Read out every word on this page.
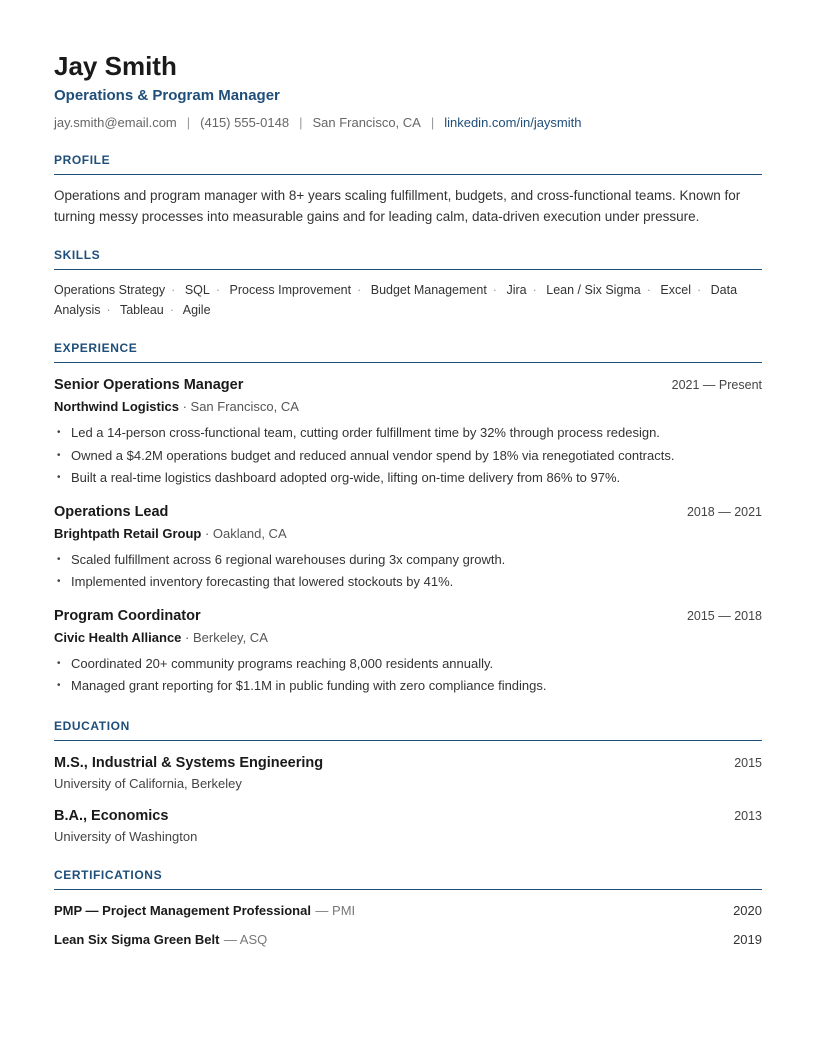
Jay Smith
Operations & Program Manager
jay.smith@email.com | (415) 555-0148 | San Francisco, CA | linkedin.com/in/jaysmith
PROFILE
Operations and program manager with 8+ years scaling fulfillment, budgets, and cross-functional teams. Known for turning messy processes into measurable gains and for leading calm, data-driven execution under pressure.
SKILLS
Operations Strategy · SQL · Process Improvement · Budget Management · Jira · Lean / Six Sigma · Excel · Data Analysis · Tableau · Agile
EXPERIENCE
Senior Operations Manager	2021 — Present
Northwind Logistics · San Francisco, CA
• Led a 14-person cross-functional team, cutting order fulfillment time by 32% through process redesign.
• Owned a $4.2M operations budget and reduced annual vendor spend by 18% via renegotiated contracts.
• Built a real-time logistics dashboard adopted org-wide, lifting on-time delivery from 86% to 97%.
Operations Lead	2018 — 2021
Brightpath Retail Group · Oakland, CA
• Scaled fulfillment across 6 regional warehouses during 3x company growth.
• Implemented inventory forecasting that lowered stockouts by 41%.
Program Coordinator	2015 — 2018
Civic Health Alliance · Berkeley, CA
• Coordinated 20+ community programs reaching 8,000 residents annually.
• Managed grant reporting for $1.1M in public funding with zero compliance findings.
EDUCATION
M.S., Industrial & Systems Engineering	2015
University of California, Berkeley
B.A., Economics	2013
University of Washington
CERTIFICATIONS
PMP — Project Management Professional — PMI	2020
Lean Six Sigma Green Belt — ASQ	2019
